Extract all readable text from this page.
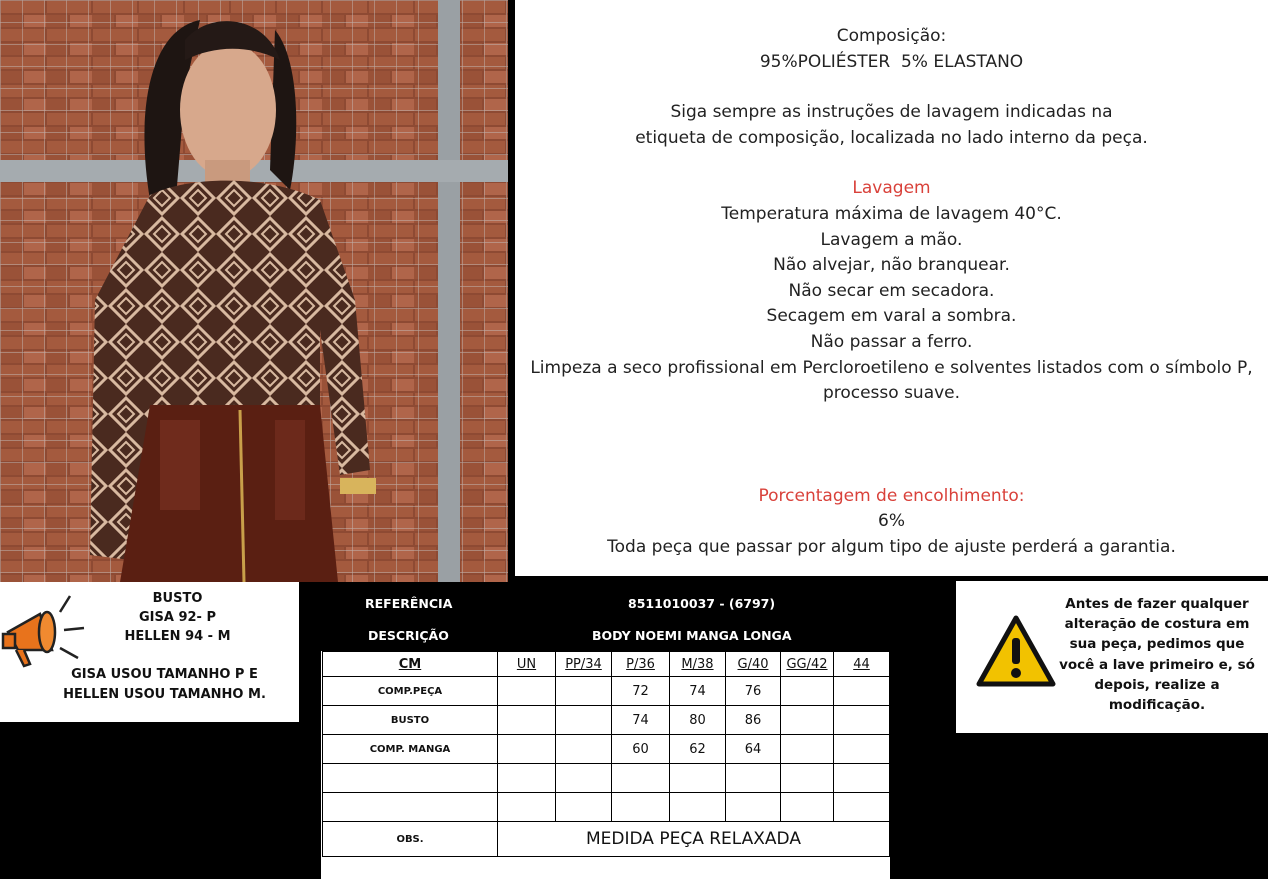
Composição:

95%POLIÉSTER  5% ELASTANO

Siga sempre as instruções de lavagem indicadas na

etiqueta de composição, localizada no lado interno da peça.

Lavagem

Temperatura máxima de lavagem 40°C.

Lavagem a mão.

Não alvejar, não branquear.

Não secar em secadora.

Secagem em varal a sombra.

Não passar a ferro.

Limpeza a seco profissional em Percloroetileno e solventes listados com o símbolo P,

processo suave.

Porcentagem de encolhimento:

6%

Toda peça que passar por algum tipo de ajuste perderá a garantia.

BUSTO
GISA 92- P
HELLEN 94 - M
GISA USOU TAMANHO P E
HELLEN USOU TAMANHO M.
REFERÊNCIA	8511010037 - (6797)
DESCRIÇÃO	BODY NOEMI MANGA LONGA
CM	UN	PP/34	P/36	M/38	G/40	GG/42	44
COMP.PEÇA			72	74	76		
BUSTO			74	80	86		
COMP. MANGA			60	62	64		

OBS.	MEDIDA PEÇA RELAXADA						
Antes de fazer qualquer alteração de costura em sua peça, pedimos que você a lave primeiro e, só depois, realize a modificação.
